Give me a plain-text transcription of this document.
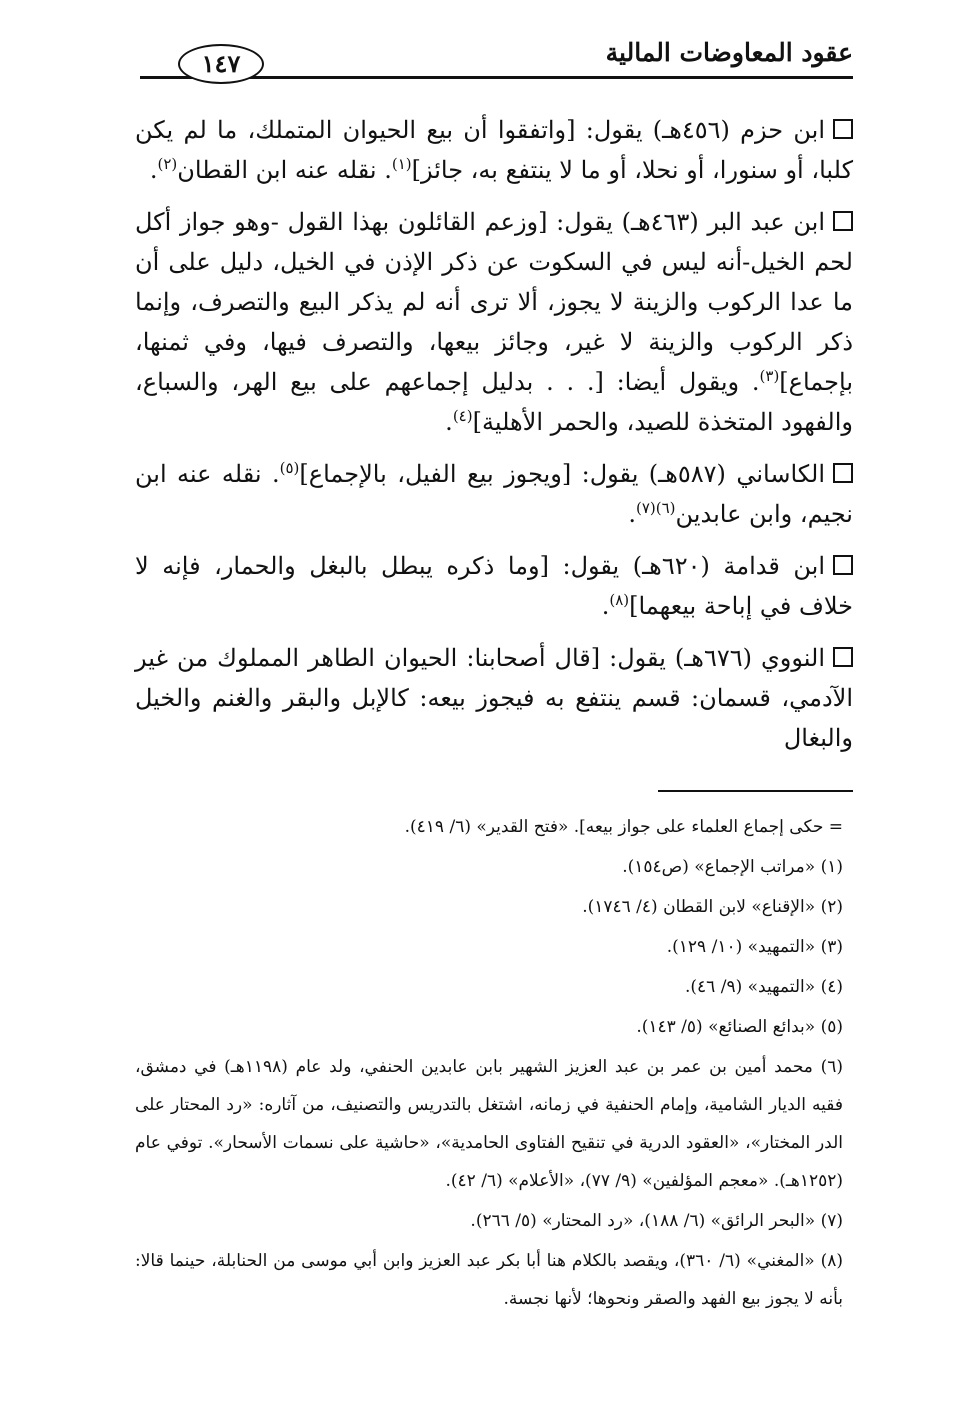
عقود المعاوضات المالية
١٤٧

ابن حزم (٤٥٦هـ) يقول: [واتفقوا أن بيع الحيوان المتملك، ما لم يكن كلبا، أو سنورا، أو نحلا، أو ما لا ينتفع به، جائز]$^{(١)}$. نقله عنه ابن القطان$^{(٢)}$.

ابن عبد البر (٤٦٣هـ) يقول: [وزعم القائلون بهذا القول -وهو جواز أكل لحم الخيل-أنه ليس في السكوت عن ذكر الإذن في الخيل، دليل على أن ما عدا الركوب والزينة لا يجوز، ألا ترى أنه لم يذكر البيع والتصرف، وإنما ذكر الركوب والزينة لا غير، وجائز بيعها، والتصرف فيها، وفي ثمنها، بإجماع]$^{(٣)}$. ويقول أيضا: [. . . بدليل إجماعهم على بيع الهر، والسباع، والفهود المتخذة للصيد، والحمر الأهلية]$^{(٤)}$.

الكاساني (٥٨٧هـ) يقول: [ويجوز بيع الفيل، بالإجماع]$^{(٥)}$. نقله عنه ابن نجيم، وابن عابدين$^{(٦)(٧)}$.

ابن قدامة (٦٢٠هـ) يقول: [وما ذكره يبطل بالبغل والحمار، فإنه لا خلاف في إباحة بيعهما]$^{(٨)}$.

النووي (٦٧٦هـ) يقول: [قال أصحابنا: الحيوان الطاهر المملوك من غير الآدمي، قسمان: قسم ينتفع به فيجوز بيعه: كالإبل والبقر والغنم والخيل والبغال

= حكى إجماع العلماء على جواز بيعه]. «فتح القدير» (٦/ ٤١٩).

(١) «مراتب الإجماع» (ص١٥٤).

(٢) «الإقناع» لابن القطان (٤/ ١٧٤٦).

(٣) «التمهيد» (١٠/ ١٢٩).

(٤) «التمهيد» (٩/ ٤٦).

(٥) «بدائع الصنائع» (٥/ ١٤٣).

(٦) محمد أمين بن عمر بن عبد العزيز الشهير بابن عابدين الحنفي، ولد عام (١١٩٨هـ) في دمشق، فقيه الديار الشامية، وإمام الحنفية في زمانه، اشتغل بالتدريس والتصنيف، من آثاره: «رد المحتار على الدر المختار»، «العقود الدرية في تنقيح الفتاوى الحامدية»، «حاشية على نسمات الأسحار». توفي عام (١٢٥٢هـ). «معجم المؤلفين» (٩/ ٧٧)، «الأعلام» (٦/ ٤٢).

(٧) «البحر الرائق» (٦/ ١٨٨)، «رد المحتار» (٥/ ٢٦٦).

(٨) «المغني» (٦/ ٣٦٠)، ويقصد بالكلام هنا أبا بكر عبد العزيز وابن أبي موسى من الحنابلة، حينما قالا: بأنه لا يجوز بيع الفهد والصقر ونحوها؛ لأنها نجسة.
